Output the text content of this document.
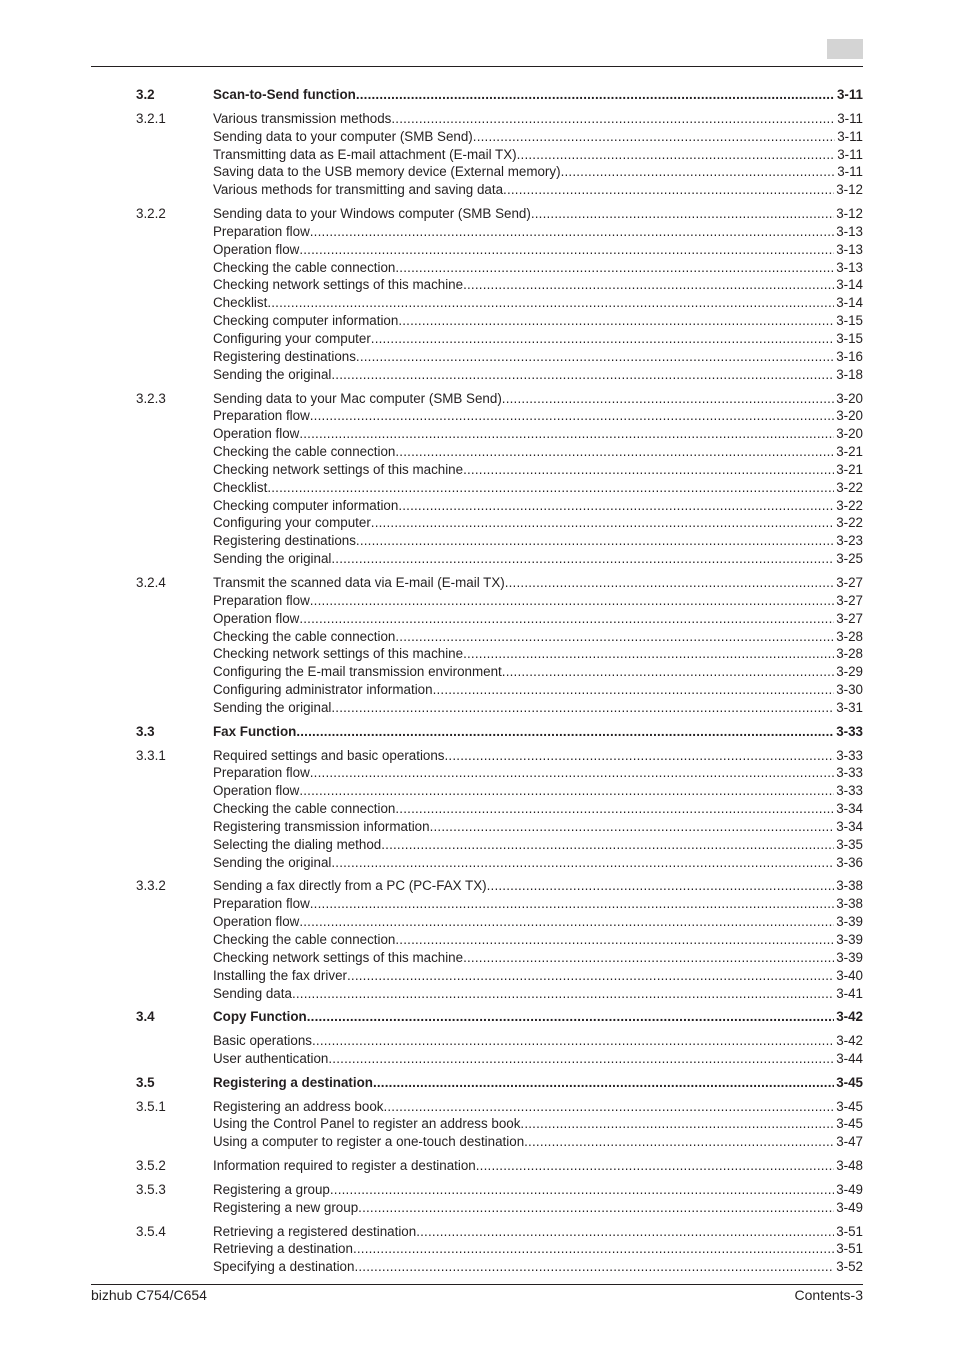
3.2	Scan-to-Send function .....	3-11
3.2.1	Various transmission methods .....	3-11
Sending data to your computer (SMB Send) .....	3-11
Transmitting data as E-mail attachment (E-mail TX) .....	3-11
Saving data to the USB memory device (External memory) .....	3-11
Various methods for transmitting and saving data .....	3-12
3.2.2	Sending data to your Windows computer (SMB Send) .....	3-12
Preparation flow .....	3-13
Operation flow .....	3-13
Checking the cable connection .....	3-13
Checking network settings of this machine .....	3-14
Checklist .....	3-14
Checking computer information .....	3-15
Configuring your computer .....	3-15
Registering destinations .....	3-16
Sending the original .....	3-18
3.2.3	Sending data to your Mac computer (SMB Send) .....	3-20
Preparation flow .....	3-20
Operation flow .....	3-20
Checking the cable connection .....	3-21
Checking network settings of this machine .....	3-21
Checklist .....	3-22
Checking computer information .....	3-22
Configuring your computer .....	3-22
Registering destinations .....	3-23
Sending the original .....	3-25
3.2.4	Transmit the scanned data via E-mail (E-mail TX) .....	3-27
Preparation flow .....	3-27
Operation flow .....	3-27
Checking the cable connection .....	3-28
Checking network settings of this machine .....	3-28
Configuring the E-mail transmission environment .....	3-29
Configuring administrator information .....	3-30
Sending the original .....	3-31
3.3	Fax Function .....	3-33
3.3.1	Required settings and basic operations .....	3-33
Preparation flow .....	3-33
Operation flow .....	3-33
Checking the cable connection .....	3-34
Registering transmission information .....	3-34
Selecting the dialing method .....	3-35
Sending the original .....	3-36
3.3.2	Sending a fax directly from a PC (PC-FAX TX) .....	3-38
Preparation flow .....	3-38
Operation flow .....	3-39
Checking the cable connection .....	3-39
Checking network settings of this machine .....	3-39
Installing the fax driver .....	3-40
Sending data .....	3-41
3.4	Copy Function .....	3-42
Basic operations .....	3-42
User authentication .....	3-44
3.5	Registering a destination .....	3-45
3.5.1	Registering an address book .....	3-45
Using the Control Panel to register an address book .....	3-45
Using a computer to register a one-touch destination .....	3-47
3.5.2	Information required to register a destination .....	3-48
3.5.3	Registering a group .....	3-49
Registering a new group .....	3-49
3.5.4	Retrieving a registered destination .....	3-51
Retrieving a destination .....	3-51
Specifying a destination .....	3-52
bizhub C754/C654	Contents-3
